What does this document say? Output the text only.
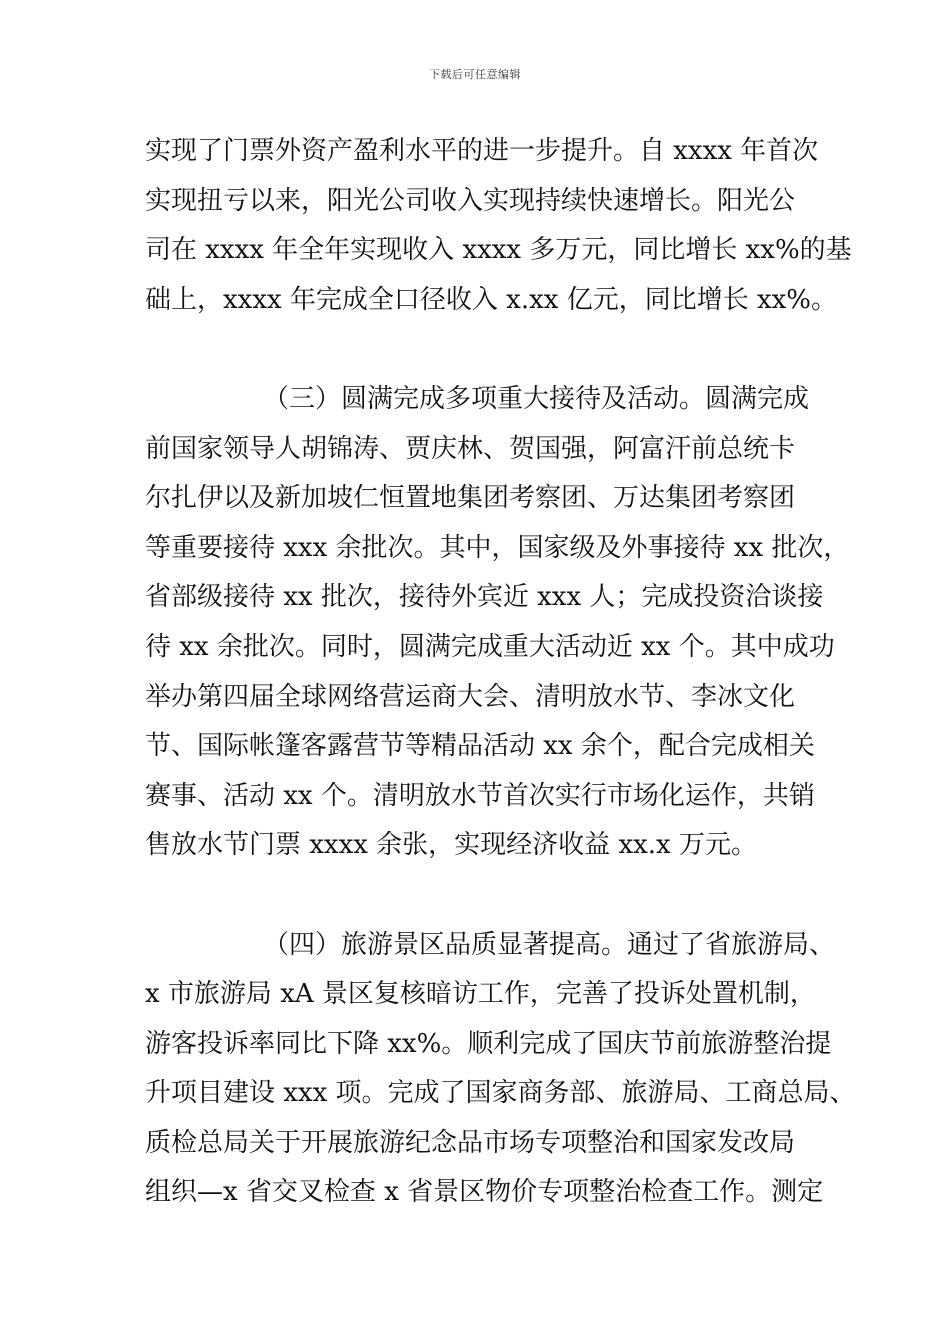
下载后可任意编辑
实现了门票外资产盈利水平的进一步提升。自 xxxx 年首次
实现扭亏以来，阳光公司收入实现持续快速增长。阳光公
司在 xxxx 年全年实现收入 xxxx 多万元，同比增长 xx%的基
础上，xxxx 年完成全口径收入 x.xx 亿元，同比增长 xx%。
（三）圆满完成多项重大接待及活动。圆满完成
前国家领导人胡锦涛、贾庆林、贺国强，阿富汗前总统卡
尔扎伊以及新加坡仁恒置地集团考察团、万达集团考察团
等重要接待 xxx 余批次。其中，国家级及外事接待 xx 批次，
省部级接待 xx 批次，接待外宾近 xxx 人；完成投资洽谈接
待 xx 余批次。同时，圆满完成重大活动近 xx 个。其中成功
举办第四届全球网络营运商大会、清明放水节、李冰文化
节、国际帐篷客露营节等精品活动 xx 余个，配合完成相关
赛事、活动 xx 个。清明放水节首次实行市场化运作，共销
售放水节门票 xxxx 余张，实现经济收益 xx.x 万元。
（四）旅游景区品质显著提高。通过了省旅游局、
x 市旅游局 xA 景区复核暗访工作，完善了投诉处置机制，
游客投诉率同比下降 xx%。顺利完成了国庆节前旅游整治提
升项目建设 xxx 项。完成了国家商务部、旅游局、工商总局、
质检总局关于开展旅游纪念品市场专项整治和国家发改局
组织—x 省交叉检查 x 省景区物价专项整治检查工作。测定
